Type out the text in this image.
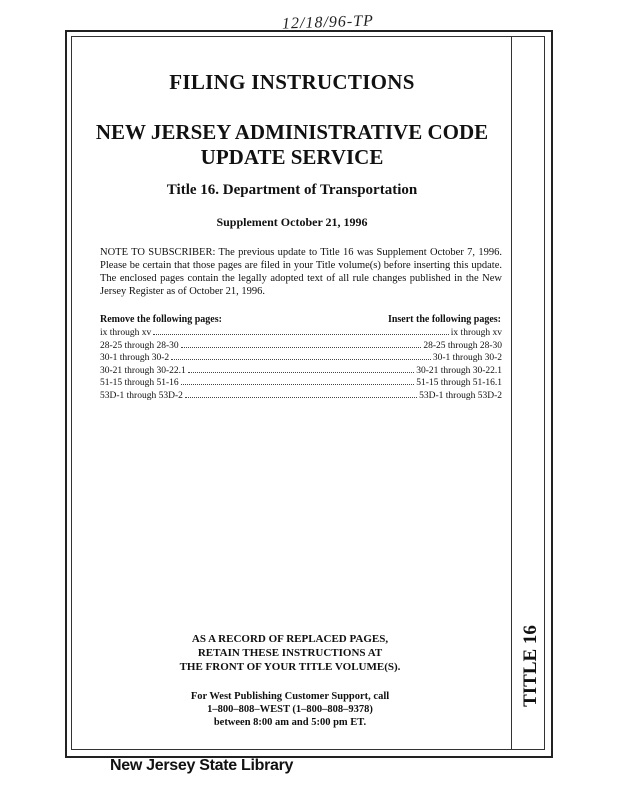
12/18/96-TP
FILING INSTRUCTIONS
NEW JERSEY ADMINISTRATIVE CODE
UPDATE SERVICE
Title 16. Department of Transportation
Supplement October 21, 1996

NOTE TO SUBSCRIBER: The previous update to Title 16 was Supplement October 7, 1996. Please be certain that those pages are filed in your Title volume(s) before inserting this update. The enclosed pages contain the legally adopted text of all rule changes published in the New Jersey Register as of October 21, 1996.

Remove the following pages:	Insert the following pages:
ix through xv	ix through xv
28-25 through 28-30	28-25 through 28-30
30-1 through 30-2	30-1 through 30-2
30-21 through 30-22.1	30-21 through 30-22.1
51-15 through 51-16	51-15 through 51-16.1
53D-1 through 53D-2	53D-1 through 53D-2
AS A RECORD OF REPLACED PAGES,
RETAIN THESE INSTRUCTIONS AT
THE FRONT OF YOUR TITLE VOLUME(S).
For West Publishing Customer Support, call
1–800–808–WEST (1–800–808–9378)
between 8:00 am and 5:00 pm ET.
TITLE 16
New Jersey State Library
